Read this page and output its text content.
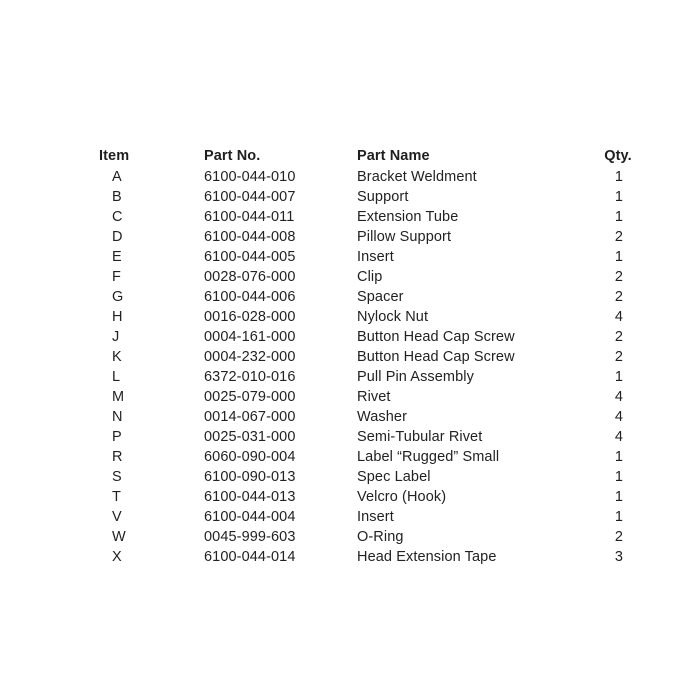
Item	Part No.	Part Name	Qty.
A	6100-044-010	Bracket Weldment	1
B	6100-044-007	Support	1
C	6100-044-011	Extension Tube	1
D	6100-044-008	Pillow Support	2
E	6100-044-005	Insert	1
F	0028-076-000	Clip	2
G	6100-044-006	Spacer	2
H	0016-028-000	Nylock Nut	4
J	0004-161-000	Button Head Cap Screw	2
K	0004-232-000	Button Head Cap Screw	2
L	6372-010-016	Pull Pin Assembly	1
M	0025-079-000	Rivet	4
N	0014-067-000	Washer	4
P	0025-031-000	Semi-Tubular Rivet	4
R	6060-090-004	Label “Rugged” Small	1
S	6100-090-013	Spec Label	1
T	6100-044-013	Velcro (Hook)	1
V	6100-044-004	Insert	1
W	0045-999-603	O-Ring	2
X	6100-044-014	Head Extension Tape	3
